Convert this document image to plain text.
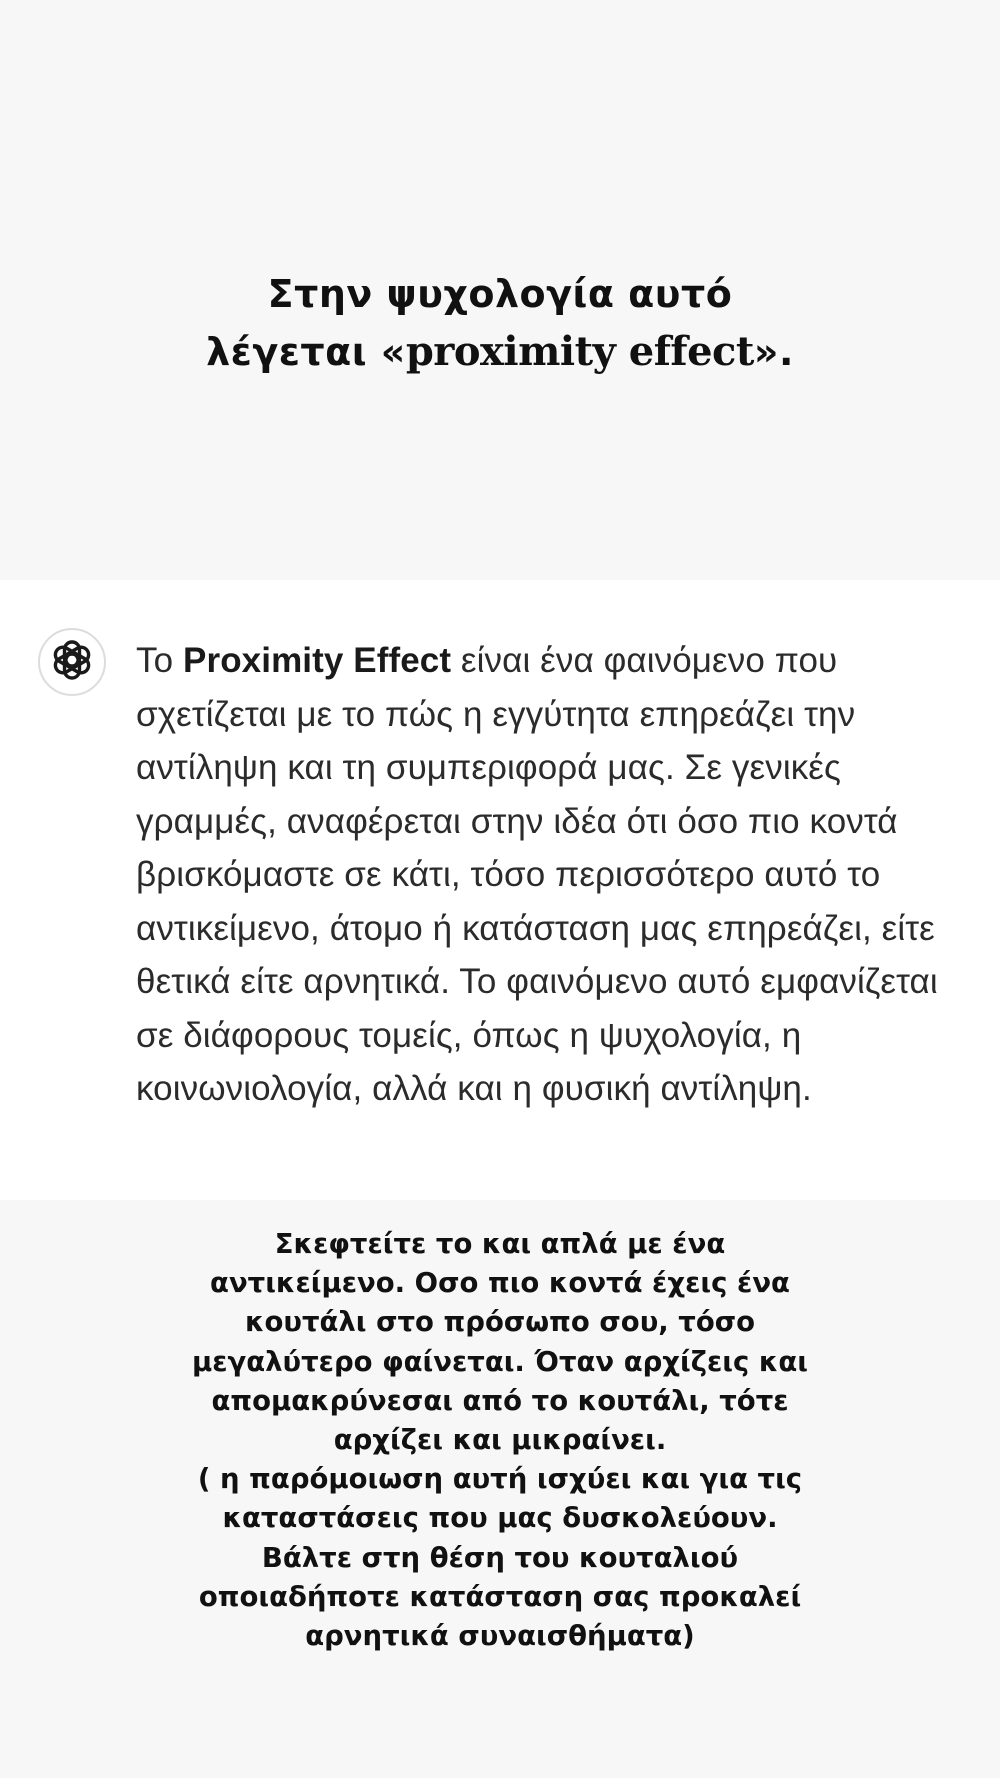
Στην ψυχολογία αυτό
λέγεται «proximity effect».

Το Proximity Effect είναι ένα φαινόμενο που σχετίζεται με το πώς η εγγύτητα επηρεάζει την αντίληψη και τη συμπεριφορά μας. Σε γενικές γραμμές, αναφέρεται στην ιδέα ότι όσο πιο κοντά βρισκόμαστε σε κάτι, τόσο περισσότερο αυτό το αντικείμενο, άτομο ή κατάσταση μας επηρεάζει, είτε θετικά είτε αρνητικά. Το φαινόμενο αυτό εμφανίζεται σε διάφορους τομείς, όπως η ψυχολογία, η κοινωνιολογία, αλλά και η φυσική αντίληψη.

Σκεφτείτε το και απλά με ένα
αντικείμενο. Οσο πιο κοντά έχεις ένα
κουτάλι στο πρόσωπο σου, τόσο
μεγαλύτερο φαίνεται. Όταν αρχίζεις και
απομακρύνεσαι από το κουτάλι, τότε
αρχίζει και μικραίνει.
( η παρόμοιωση αυτή ισχύει και για τις
καταστάσεις που μας δυσκολεύουν.
Βάλτε στη θέση του κουταλιού
οποιαδήποτε κατάσταση σας προκαλεί
αρνητικά συναισθήματα)
